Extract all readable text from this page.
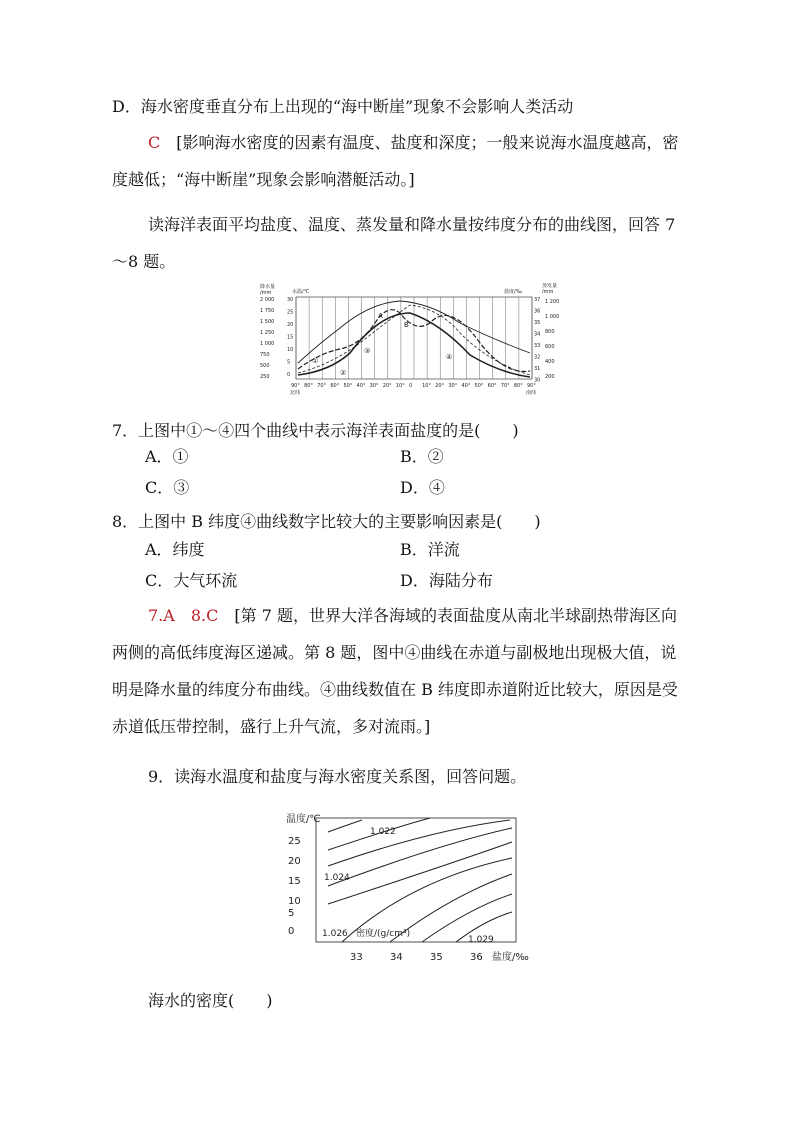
D．海水密度垂直分布上出现的“海中断崖”现象不会影响人类活动

C　 [影响海水密度的因素有温度、盐度和深度；一般来说海水温度越高，密度越低；“海中断崖”现象会影响潜艇活动。]

读海洋表面平均盐度、温度、蒸发量和降水量按纬度分布的曲线图，回答 7～8 题。

90° 80° 70° 60° 50° 40° 30° 20° 10° 0 10° 20° 30° 40° 50° 60° 70° 80° 90°
北纬	南纬
降水量
/mm
2 000
1 750
1 500
1 250
1 000
750
500
250
水温/℃
30
25
20
15
10
5
0
盐度/‰
37
36
35
34
33
32
31
30
蒸发量
/mm
1 200
1 000
800
600
400
200
①
②
③
④
A
B

7．上图中①～④四个曲线中表示海洋表面盐度的是(　　)

A．①	B．②
C．③	D．④

8．上图中 B 纬度④曲线数字比较大的主要影响因素是(　　)

A．纬度	B．洋流
C．大气环流	D．海陆分布

7.A　8.C　 [第 7 题，世界大洋各海域的表面盐度从南北半球副热带海区向两侧的高低纬度海区递减。第 8 题，图中④曲线在赤道与副极地出现极大值，说明是降水量的纬度分布曲线。④曲线数值在 B 纬度即赤道附近比较大，原因是受赤道低压带控制，盛行上升气流，多对流雨。]

9．读海水温度和盐度与海水密度关系图，回答问题。

温度/℃
25
20
15
10
5
0
33	34	35	36 盐度/‰
1.022
1.024
1.026 密度/(g/cm³)
1.029

海水的密度(　　)
